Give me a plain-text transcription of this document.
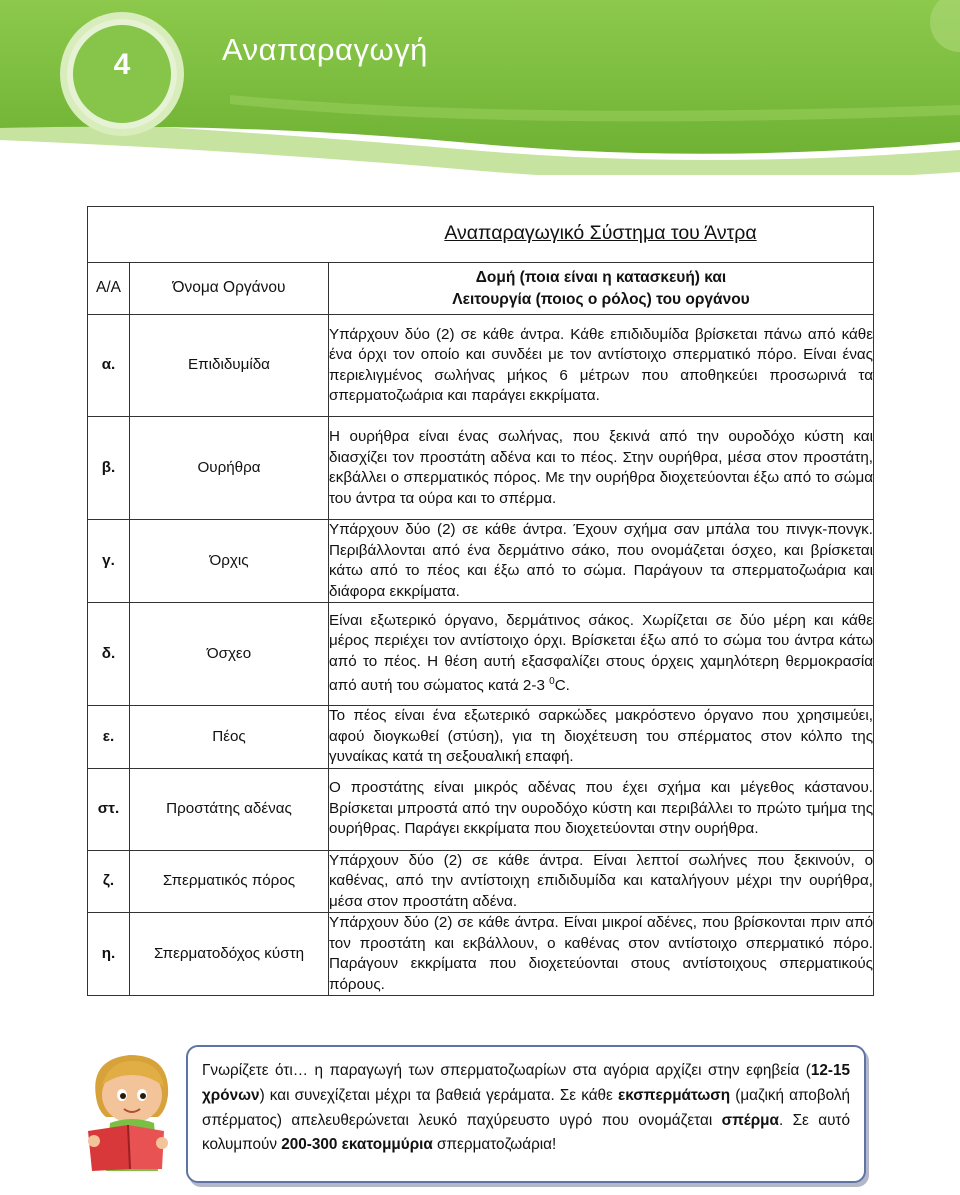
4	Αναπαραγωγή
Αναπαραγωγικό Σύστημα του Άντρα		
Α/Α	Όνομα Οργάνου	Δομή (ποια είναι η κατασκευή) και
Λειτουργία (ποιος ο ρόλος) του οργάνου
α.	Επιδιδυμίδα	Υπάρχουν δύο (2) σε κάθε άντρα. Κάθε επιδιδυμίδα βρίσκεται πάνω από κάθε ένα όρχι τον οποίο και συνδέει με τον αντίστοιχο σπερματικό πόρο. Είναι ένας περιελιγμένος σωλήνας μήκος 6 μέτρων που αποθηκεύει προσωρινά τα σπερματοζωάρια και παράγει εκκρίματα.
β.	Ουρήθρα	Η ουρήθρα είναι ένας σωλήνας, που ξεκινά από την ουροδόχο κύστη και διασχίζει τον προστάτη αδένα και το πέος. Στην ουρήθρα, μέσα στον προστάτη, εκβάλλει ο σπερματικός πόρος. Με την ουρήθρα διοχετεύονται έξω από το σώμα του άντρα τα ούρα και το σπέρμα.
γ.	Όρχις	Υπάρχουν δύο (2) σε κάθε άντρα. Έχουν σχήμα σαν μπάλα του πινγκ-πονγκ. Περιβάλλονται από ένα δερμάτινο σάκο, που ονομάζεται όσχεο, και βρίσκεται κάτω από το πέος και έξω από το σώμα. Παράγουν τα σπερματοζωάρια και διάφορα εκκρίματα.
δ.	Όσχεο	Είναι εξωτερικό όργανο, δερμάτινος σάκος. Χωρίζεται σε δύο μέρη και κάθε μέρος περιέχει τον αντίστοιχο όρχι. Βρίσκεται έξω από το σώμα του άντρα κάτω από το πέος. Η θέση αυτή εξασφαλίζει στους όρχεις χαμηλότερη θερμοκρασία από αυτή του σώματος κατά 2-3 $^0$C.
ε.	Πέος	Το πέος είναι ένα εξωτερικό σαρκώδες μακρόστενο όργανο που χρησιμεύει, αφού διογκωθεί (στύση), για τη διοχέτευση του σπέρματος στον κόλπο της γυναίκας κατά τη σεξουαλική επαφή.
στ.	Προστάτης αδένας	Ο προστάτης είναι μικρός αδένας που έχει σχήμα και μέγεθος κάστανου. Βρίσκεται μπροστά από την ουροδόχο κύστη και περιβάλλει το πρώτο τμήμα της ουρήθρας. Παράγει εκκρίματα που διοχετεύονται στην ουρήθρα.
ζ.	Σπερματικός πόρος	Υπάρχουν δύο (2) σε κάθε άντρα. Είναι λεπτοί σωλήνες που ξεκινούν, ο καθένας, από την αντίστοιχη επιδιδυμίδα και καταλήγουν μέχρι την ουρήθρα, μέσα στον προστάτη αδένα.
η.	Σπερματοδόχος κύστη	Υπάρχουν δύο (2) σε κάθε άντρα. Είναι μικροί αδένες, που βρίσκονται πριν από τον προστάτη και εκβάλλουν, ο καθένας στον αντίστοιχο σπερματικό πόρο. Παράγουν εκκρίματα που διοχετεύονται στους αντίστοιχους σπερματικούς πόρους.
Γνωρίζετε ότι… η παραγωγή των σπερματοζωαρίων στα αγόρια αρχίζει στην εφηβεία (12-15 χρόνων) και συνεχίζεται μέχρι τα βαθειά γεράματα. Σε κάθε εκσπερμάτωση (μαζική αποβολή σπέρματος) απελευθερώνεται λευκό παχύρευστο υγρό που ονομάζεται σπέρμα. Σε αυτό κολυμπούν 200-300 εκατομμύρια σπερματοζωάρια!
